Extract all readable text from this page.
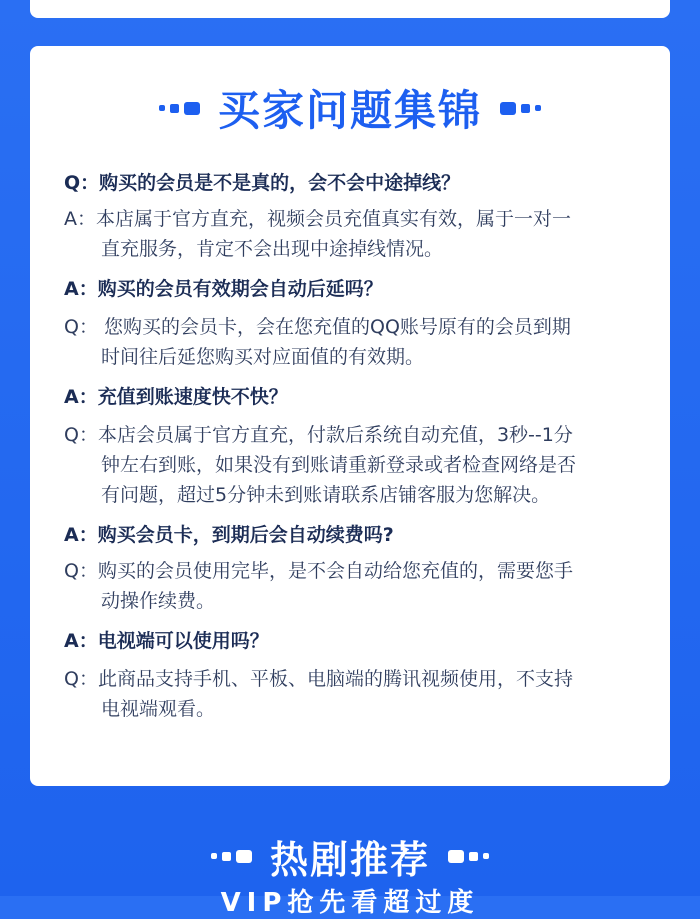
买家问题集锦
Q：购买的会员是不是真的，会不会中途掉线？
A：本店属于官方直充，视频会员充值真实有效，属于一对一
直充服务，肯定不会出现中途掉线情况。
A：购买的会员有效期会自动后延吗？
Q： 您购买的会员卡，会在您充值的QQ账号原有的会员到期
时间往后延您购买对应面值的有效期。
A：充值到账速度快不快？
Q：本店会员属于官方直充，付款后系统自动充值，3秒--1分
钟左右到账，如果没有到账请重新登录或者检查网络是否
有问题，超过5分钟未到账请联系店铺客服为您解决。
A：购买会员卡，到期后会自动续费吗?
Q：购买的会员使用完毕，是不会自动给您充值的，需要您手
动操作续费。
A：电视端可以使用吗？
Q：此商品支持手机、平板、电脑端的腾讯视频使用，不支持
电视端观看。
热剧推荐
VIP抢先看超过度
